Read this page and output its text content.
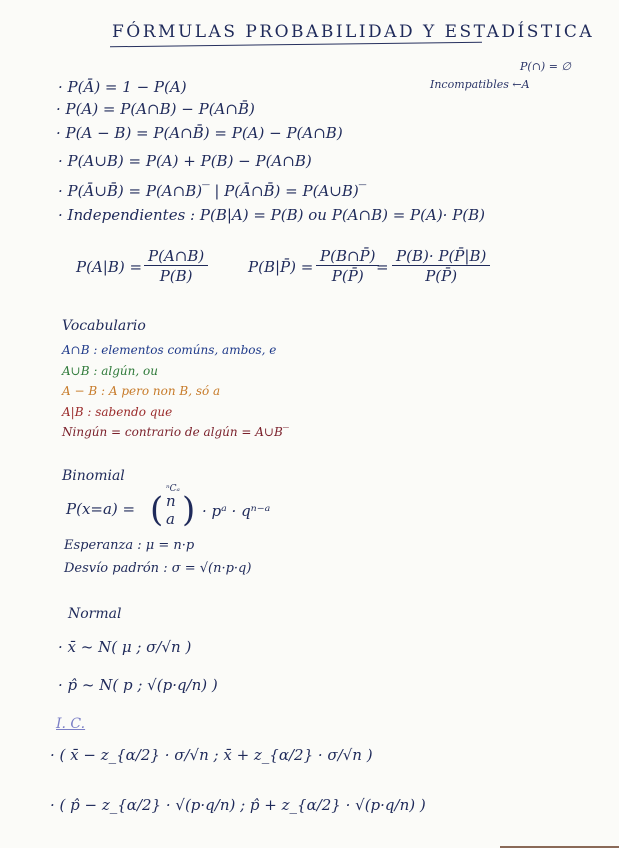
FÓRMULAS PROBABILIDAD Y ESTADÍSTICA
P(∩) = ∅
Incompatibles ←A
· P(Ā) = 1 − P(A)
· P(A) = P(A∩B) − P(A∩B̄)
· P(A − B) = P(A∩B̄) = P(A) − P(A∩B)
· P(A∪B) = P(A) + P(B) − P(A∩B)
· P(Ā∪B̄) = P(A∩B)‾ | P(Ā∩B̄) = P(A∪B)‾
· Independientes : P(B|A) = P(B) ou P(A∩B) = P(A)· P(B)
$P(A|B) = \frac{P(A\cap B)}{P(B)}$	P(B|P̄) = $\frac{P(B\cap P̄)}{P(P̄)}$
= $\frac{P(B)\cdot P(P̄|B)}{P(P̄)}$
Vocabulario
A∩B : elementos comúns, ambos, e
A∪B : algún, ou
A − B : A pero non B, só a
A|B : sabendo que
Ningún = contrario de algún = A∪B‾
Binomial
P(x=a) =
ⁿCₐ
( n
a ) · pᵃ · qⁿ⁻ᵃ
Esperanza : μ = n·p
Desvío padrón : σ = √(n·p·q)
Normal
· x̄ ~ N( μ ; σ/√n )
· p̂ ~ N( p ; √(p·q/n) )
I. C.
· ( x̄ − z_{α/2} · σ/√n ; x̄ + z_{α/2} · σ/√n )
· ( p̂ − z_{α/2} · √(p·q/n) ; p̂ + z_{α/2} · √(p·q/n) )
